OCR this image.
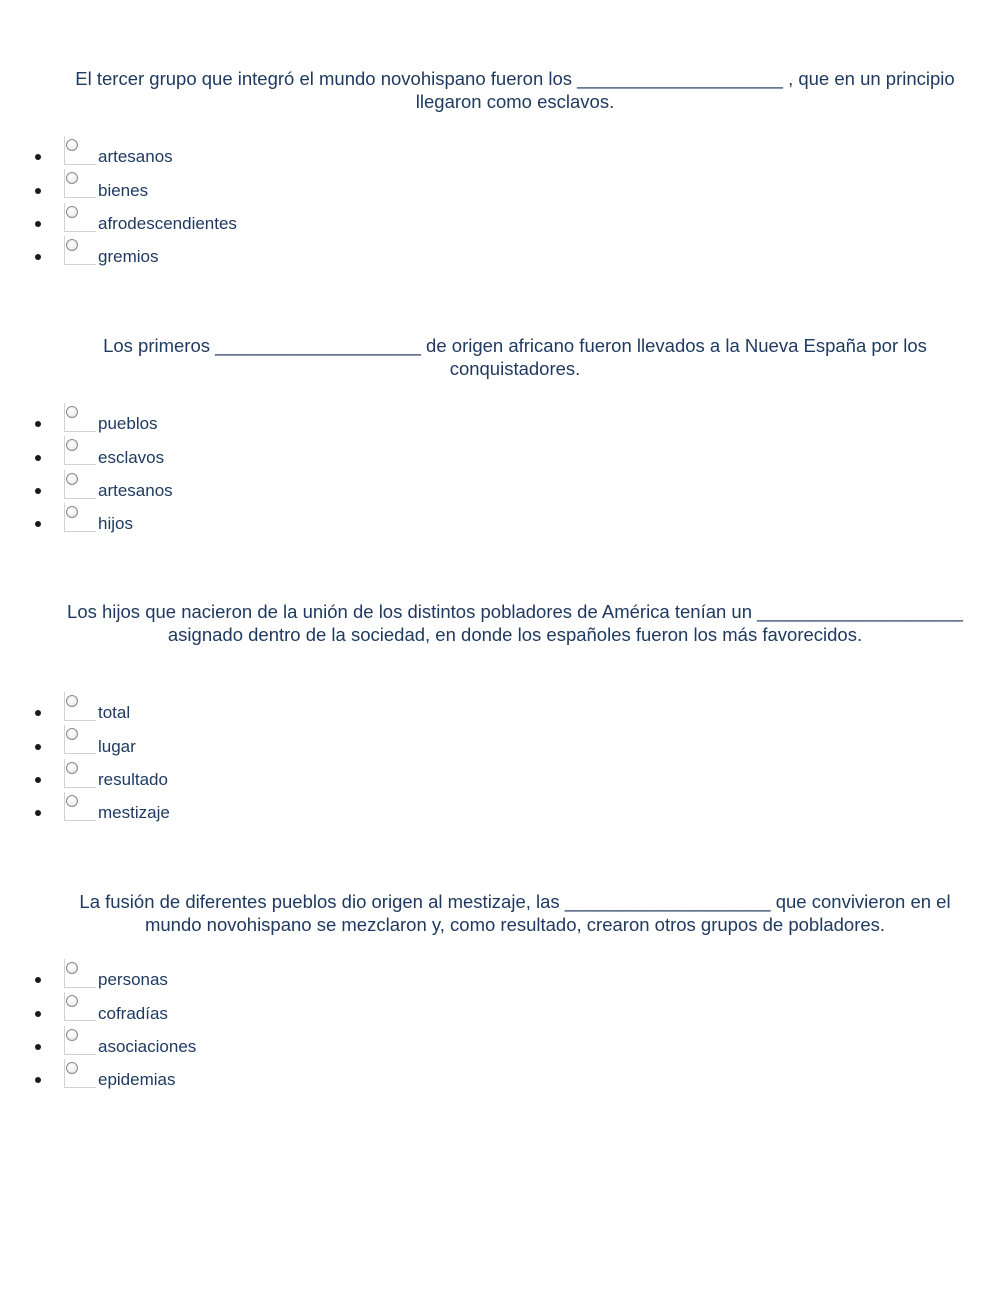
El tercer grupo que integró el mundo novohispano fueron los ____________________ , que en un principio llegaron como esclavos.

artesanos
bienes
afrodescendientes
gremios

Los primeros ____________________ de origen africano fueron llevados a la Nueva España por los conquistadores.

pueblos
esclavos
artesanos
hijos

Los hijos que nacieron de la unión de los distintos pobladores de América tenían un ____________________ asignado dentro de la sociedad, en donde los españoles fueron los más favorecidos.

total
lugar
resultado
mestizaje

La fusión de diferentes pueblos dio origen al mestizaje, las ____________________ que convivieron en el mundo novohispano se mezclaron y, como resultado, crearon otros grupos de pobladores.

personas
cofradías
asociaciones
epidemias
